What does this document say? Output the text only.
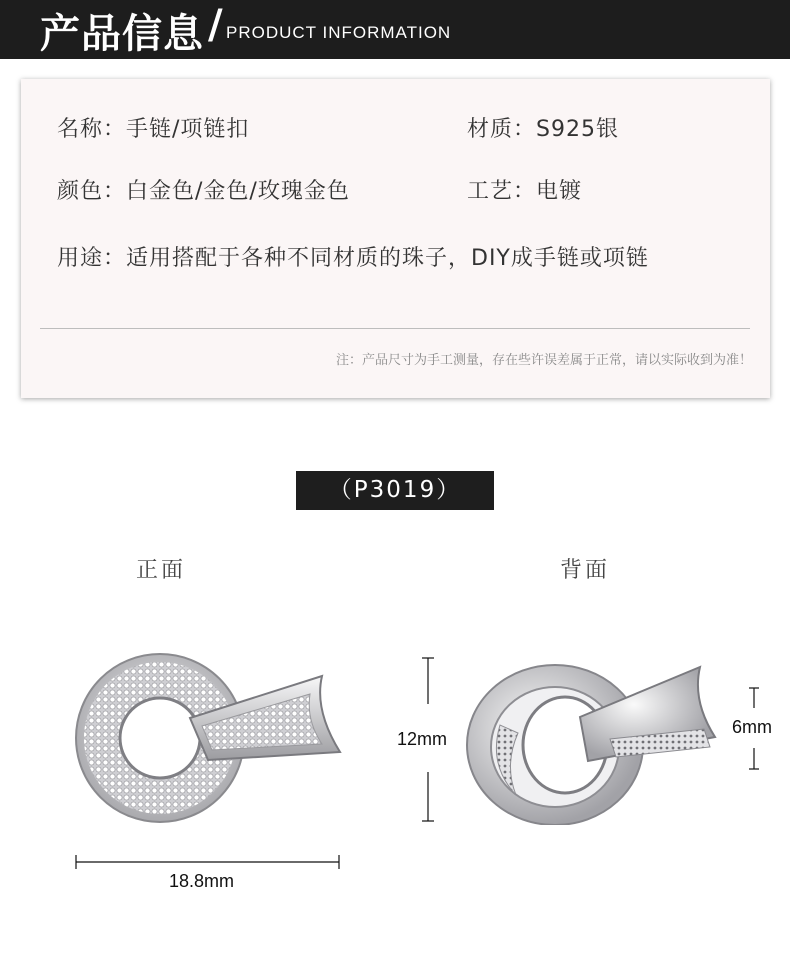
产品信息 / PRODUCT INFORMATION
名称：手链/项链扣	材质：S925银
颜色：白金色/金色/玫瑰金色	工艺：电镀
用途：适用搭配于各种不同材质的珠子，DIY成手链或项链
注：产品尺寸为手工测量，存在些许误差属于正常，请以实际收到为准！
（P3019）
正面	背面
18.8mm
12mm
6mm
